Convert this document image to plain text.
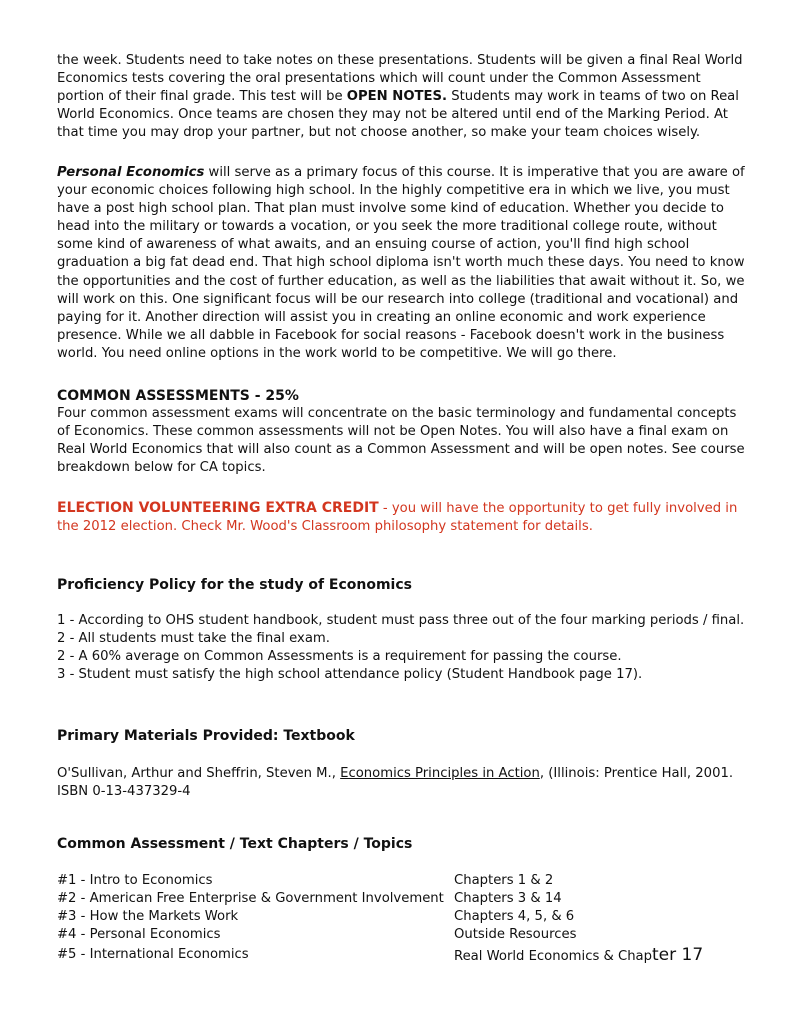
the week. Students need to take notes on these presentations. Students will be given a final Real World Economics tests covering the oral presentations which will count under the Common Assessment portion of their final grade. This test will be OPEN NOTES. Students may work in teams of two on Real World Economics. Once teams are chosen they may not be altered until end of the Marking Period. At that time you may drop your partner, but not choose another, so make your team choices wisely.
Personal Economics will serve as a primary focus of this course. It is imperative that you are aware of your economic choices following high school. In the highly competitive era in which we live, you must have a post high school plan. That plan must involve some kind of education. Whether you decide to head into the military or towards a vocation, or you seek the more traditional college route, without some kind of awareness of what awaits, and an ensuing course of action, you'll find high school graduation a big fat dead end. That high school diploma isn't worth much these days. You need to know the opportunities and the cost of further education, as well as the liabilities that await without it. So, we will work on this. One significant focus will be our research into college (traditional and vocational) and paying for it. Another direction will assist you in creating an online economic and work experience presence. While we all dabble in Facebook for social reasons - Facebook doesn't work in the business world. You need online options in the work world to be competitive. We will go there.
COMMON ASSESSMENTS - 25%
Four common assessment exams will concentrate on the basic terminology and fundamental concepts of Economics. These common assessments will not be Open Notes. You will also have a final exam on Real World Economics that will also count as a Common Assessment and will be open notes. See course breakdown below for CA topics.
ELECTION VOLUNTEERING EXTRA CREDIT - you will have the opportunity to get fully involved in the 2012 election. Check Mr. Wood's Classroom philosophy statement for details.
Proficiency Policy for the study of Economics
1 - According to OHS student handbook, student must pass three out of the four marking periods / final.
2 - All students must take the final exam.
2 - A 60% average on Common Assessments is a requirement for passing the course.
3 - Student must satisfy the high school attendance policy (Student Handbook page 17).
Primary Materials Provided: Textbook
O'Sullivan, Arthur and Sheffrin, Steven M., Economics Principles in Action, (Illinois: Prentice Hall, 2001. ISBN 0-13-437329-4
Common Assessment / Text Chapters / Topics
#1 - Intro to Economics	Chapters 1 & 2
#2 - American Free Enterprise & Government Involvement Chapters 3 & 14
#3 - How the Markets Work	Chapters 4, 5, & 6
#4 - Personal Economics	Outside Resources
#5 - International Economics	Real World Economics & Chapter 17
